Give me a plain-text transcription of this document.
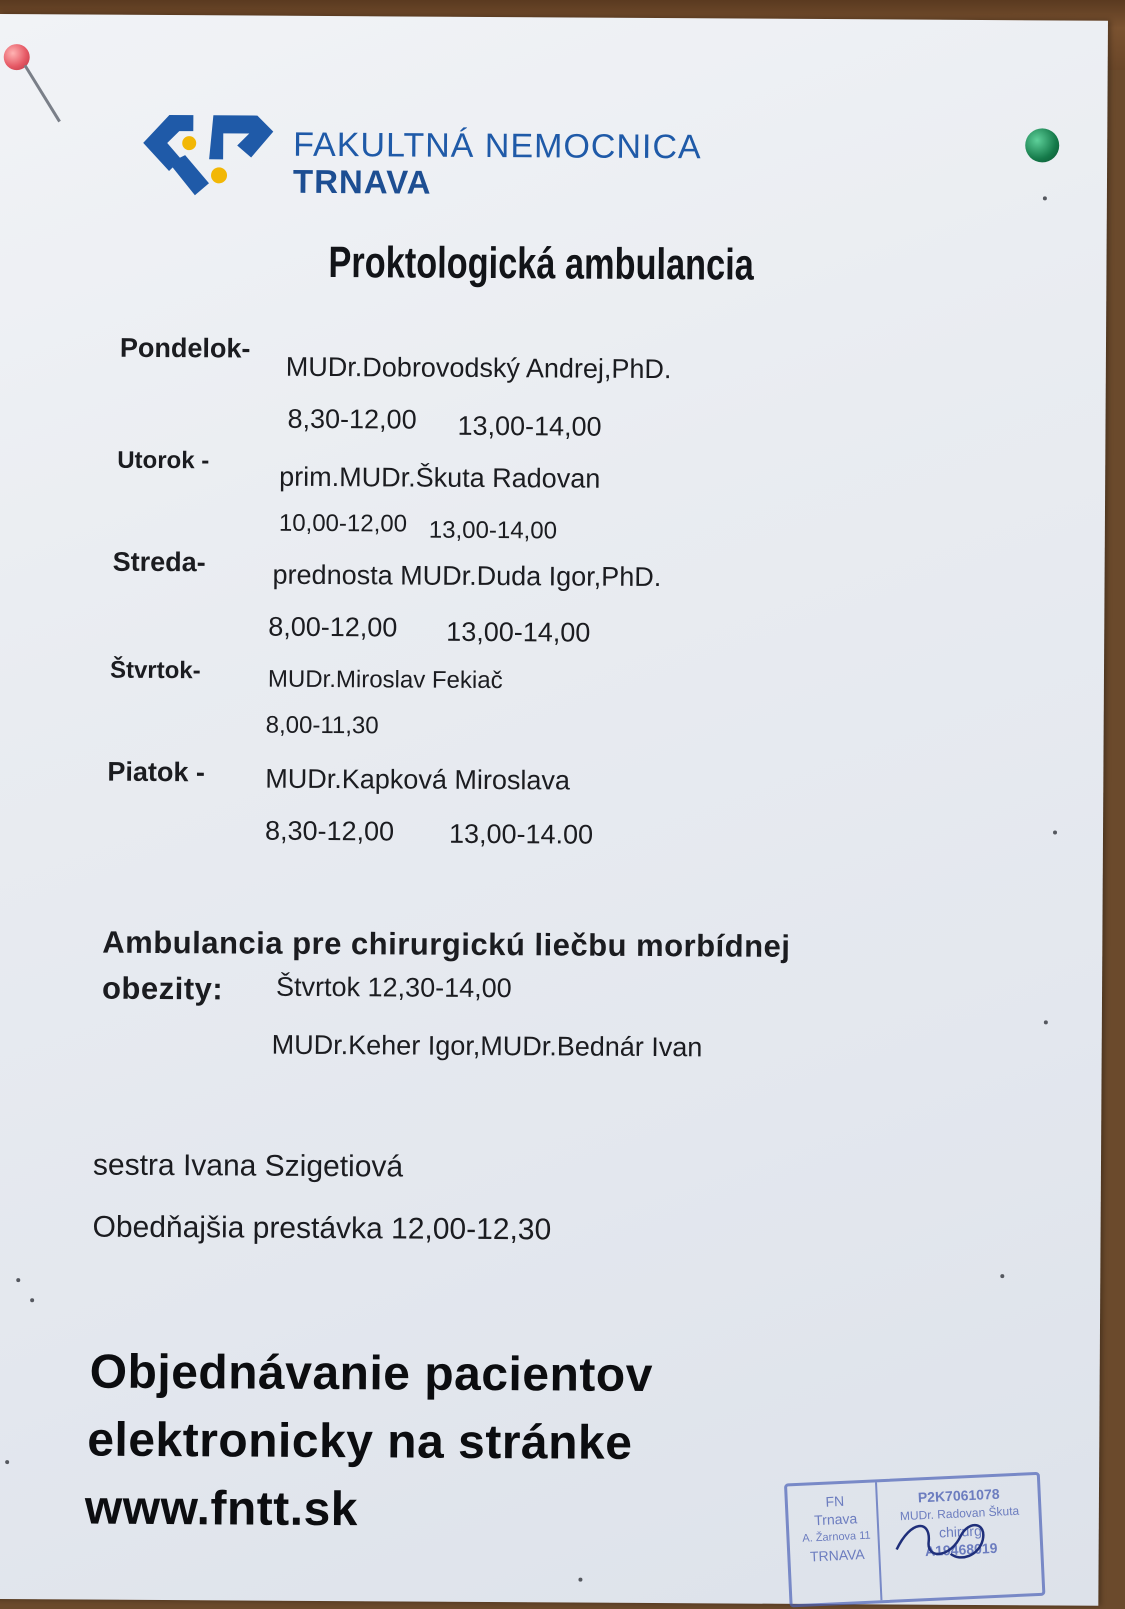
FAKULTNÁ NEMOCNICA
TRNAVA
Proktologická ambulancia
Pondelok-
MUDr.Dobrovodský Andrej,PhD.
8,30-12,00 13,00-14,00
Utorok -
prim.MUDr.Škuta Radovan
10,00-12,00 13,00-14,00
Streda- prednosta MUDr.Duda Igor,PhD.
8,00-12,00 13,00-14,00
Štvrtok-	MUDr.Miroslav Fekiač
8,00-11,30
Piatok - MUDr.Kapková Miroslava
8,30-12,00 13,00-14.00
Ambulancia pre chirurgickú liečbu morbídnej
obezity: Štvrtok 12,30-14,00
MUDr.Keher Igor,MUDr.Bednár Ivan
sestra Ivana Szigetiová
Obedňajšia prestávka 12,00-12,30
Objednávanie pacientov
elektronicky na stránke
www.fntt.sk	FN
Trnava
A. Žarnova 11
TRNAVA
P2K7061078
MUDr. Radovan Škuta
chirurg
A19468019
